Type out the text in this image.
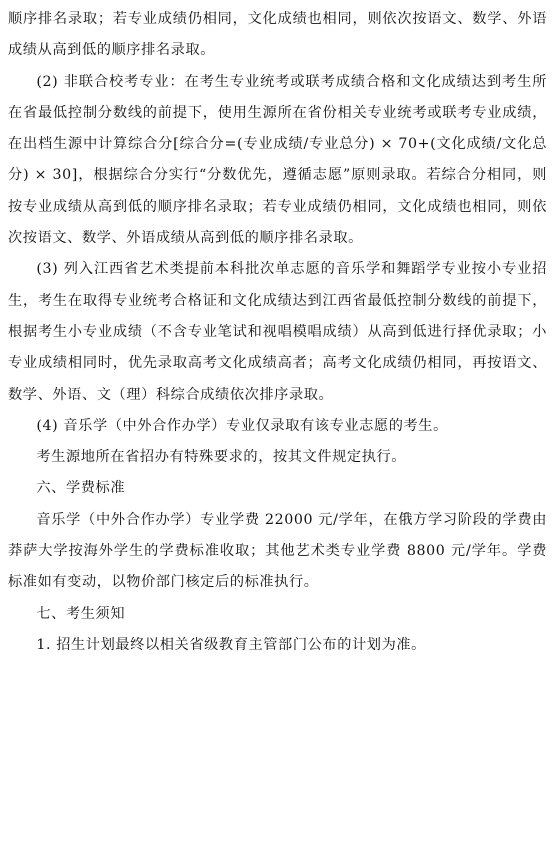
顺序排名录取；若专业成绩仍相同，文化成绩也相同，则依次按语文、数学、外语成绩从高到低的顺序排名录取。

(2) 非联合校考专业：在考生专业统考或联考成绩合格和文化成绩达到考生所在省最低控制分数线的前提下，使用生源所在省份相关专业统考或联考专业成绩，在出档生源中计算综合分[综合分=(专业成绩/专业总分) × 70+(文化成绩/文化总分) × 30]，根据综合分实行“分数优先，遵循志愿”原则录取。若综合分相同，则按专业成绩从高到低的顺序排名录取；若专业成绩仍相同，文化成绩也相同，则依次按语文、数学、外语成绩从高到低的顺序排名录取。

(3) 列入江西省艺术类提前本科批次单志愿的音乐学和舞蹈学专业按小专业招生，考生在取得专业统考合格证和文化成绩达到江西省最低控制分数线的前提下，根据考生小专业成绩（不含专业笔试和视唱模唱成绩）从高到低进行择优录取；小专业成绩相同时，优先录取高考文化成绩高者；高考文化成绩仍相同，再按语文、数学、外语、文（理）科综合成绩依次排序录取。

(4) 音乐学（中外合作办学）专业仅录取有该专业志愿的考生。

考生源地所在省招办有特殊要求的，按其文件规定执行。

六、学费标准

音乐学（中外合作办学）专业学费 22000 元/学年，在俄方学习阶段的学费由莽萨大学按海外学生的学费标准收取；其他艺术类专业学费 8800 元/学年。学费标准如有变动，以物价部门核定后的标准执行。

七、考生须知

1. 招生计划最终以相关省级教育主管部门公布的计划为准。
